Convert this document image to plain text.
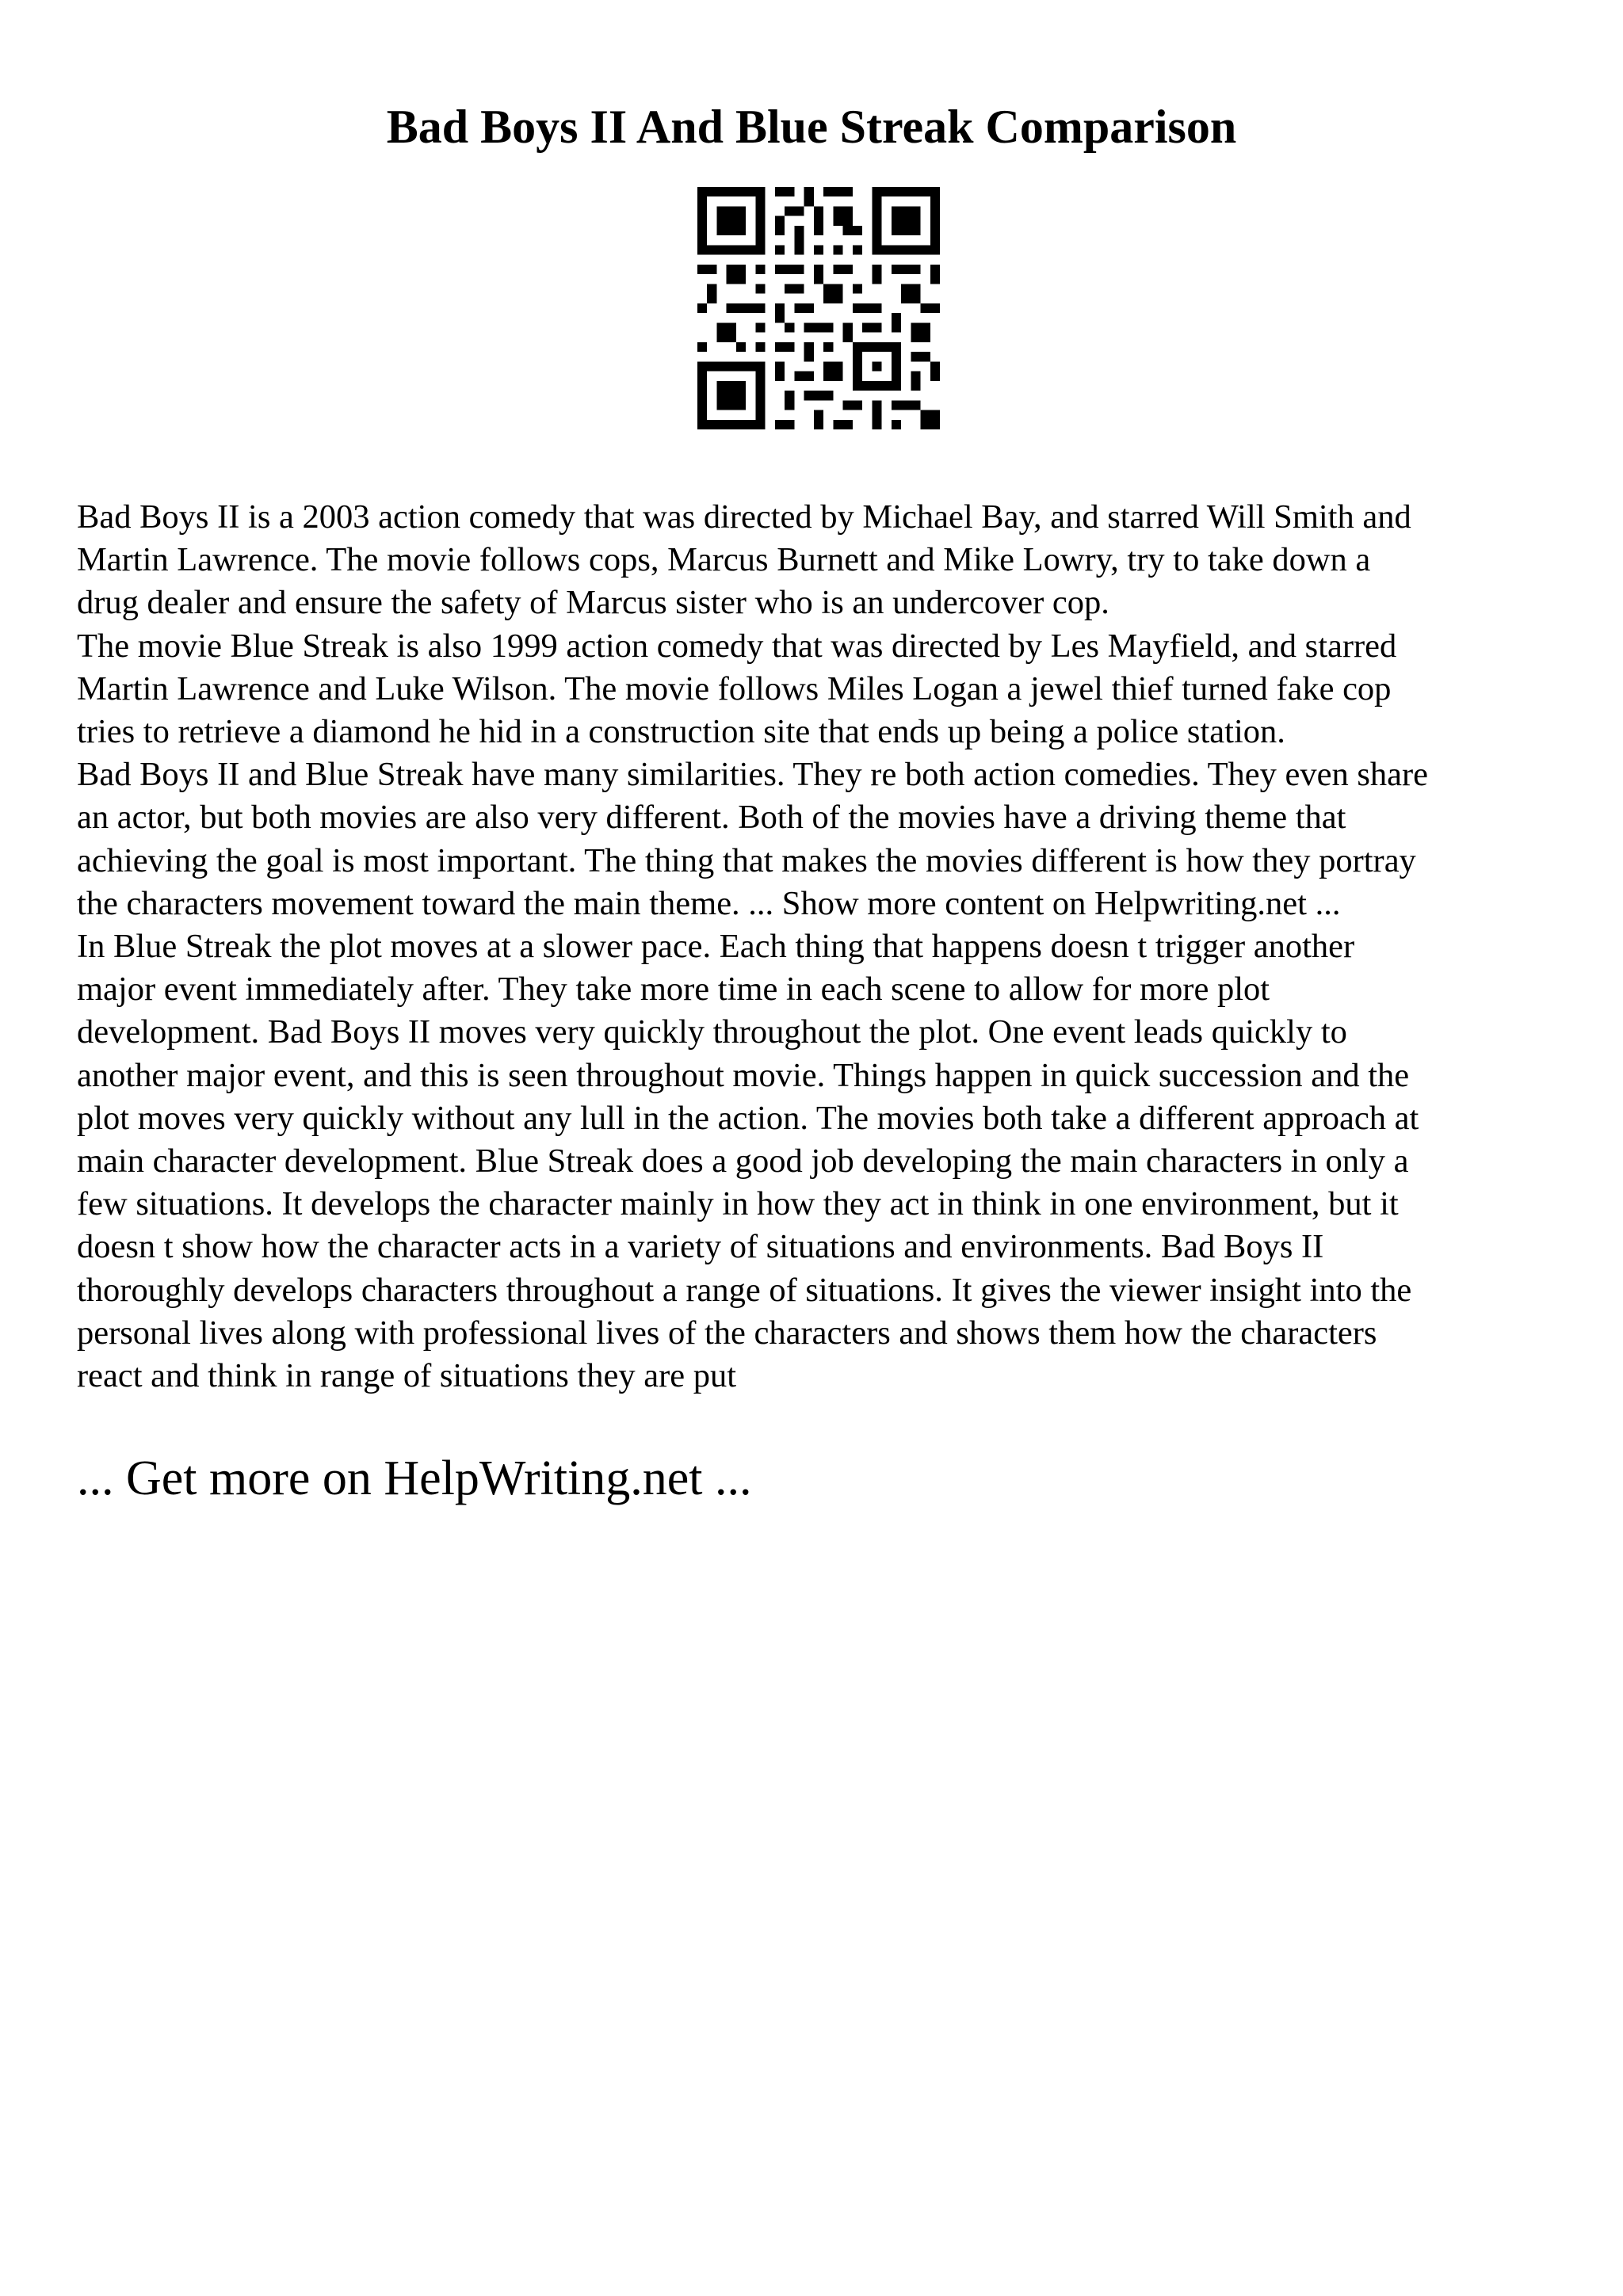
Bad Boys II And Blue Streak Comparison

Bad Boys II is a 2003 action comedy that was directed by Michael Bay, and starred Will Smith and

Martin Lawrence. The movie follows cops, Marcus Burnett and Mike Lowry, try to take down a

drug dealer and ensure the safety of Marcus sister who is an undercover cop.

The movie Blue Streak is also 1999 action comedy that was directed by Les Mayfield, and starred

Martin Lawrence and Luke Wilson. The movie follows Miles Logan a jewel thief turned fake cop

tries to retrieve a diamond he hid in a construction site that ends up being a police station.

Bad Boys II and Blue Streak have many similarities. They re both action comedies. They even share

an actor, but both movies are also very different. Both of the movies have a driving theme that

achieving the goal is most important. The thing that makes the movies different is how they portray

the characters movement toward the main theme. ... Show more content on Helpwriting.net ...

In Blue Streak the plot moves at a slower pace. Each thing that happens doesn t trigger another

major event immediately after. They take more time in each scene to allow for more plot

development. Bad Boys II moves very quickly throughout the plot. One event leads quickly to

another major event, and this is seen throughout movie. Things happen in quick succession and the

plot moves very quickly without any lull in the action. The movies both take a different approach at

main character development. Blue Streak does a good job developing the main characters in only a

few situations. It develops the character mainly in how they act in think in one environment, but it

doesn t show how the character acts in a variety of situations and environments. Bad Boys II

thoroughly develops characters throughout a range of situations. It gives the viewer insight into the

personal lives along with professional lives of the characters and shows them how the characters

react and think in range of situations they are put

... Get more on HelpWriting.net ...
